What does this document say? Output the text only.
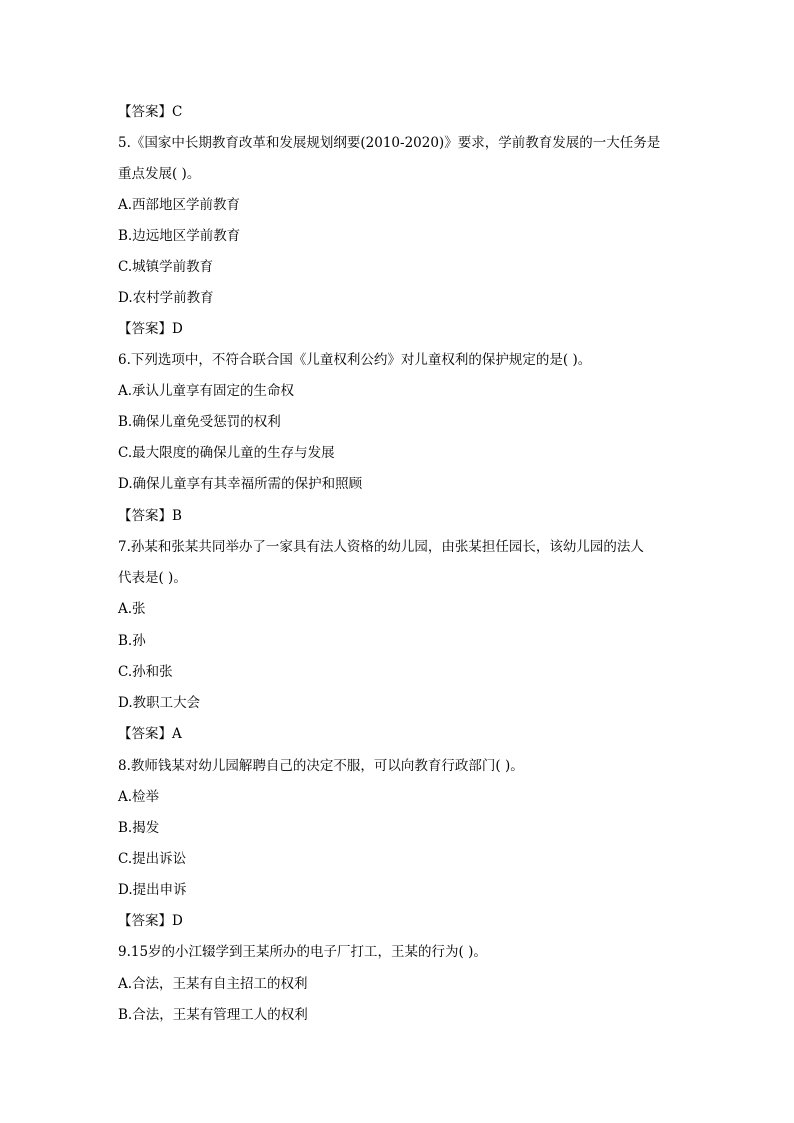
【答案】C
5.《国家中长期教育改革和发展规划纲要(2010-2020)》要求，学前教育发展的一大任务是
重点发展( )。
A.西部地区学前教育
B.边远地区学前教育
C.城镇学前教育
D.农村学前教育
【答案】D
6.下列选项中，不符合联合国《儿童权利公约》对儿童权利的保护规定的是( )。
A.承认儿童享有固定的生命权
B.确保儿童免受惩罚的权利
C.最大限度的确保儿童的生存与发展
D.确保儿童享有其幸福所需的保护和照顾
【答案】B
7.孙某和张某共同举办了一家具有法人资格的幼儿园，由张某担任园长，该幼儿园的法人
代表是( )。
A.张
B.孙
C.孙和张
D.教职工大会
【答案】A
8.教师钱某对幼儿园解聘自己的决定不服，可以向教育行政部门( )。
A.检举
B.揭发
C.提出诉讼
D.提出申诉
【答案】D
9.15岁的小江辍学到王某所办的电子厂打工，王某的行为( )。
A.合法，王某有自主招工的权利
B.合法，王某有管理工人的权利
